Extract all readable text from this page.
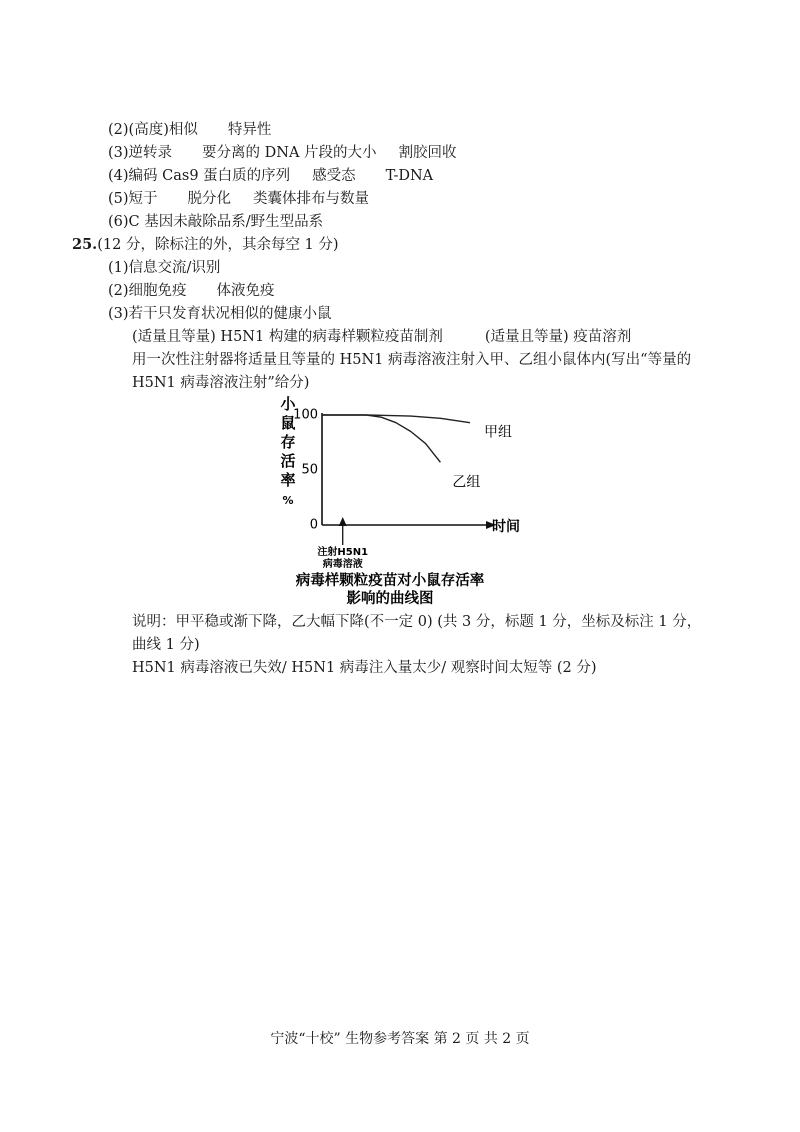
(2)(高度)相似 特异性
(3)逆转录 要分离的 DNA 片段的大小 割胶回收
(4)编码 Cas9 蛋白质的序列 感受态 T-DNA
(5)短于 脱分化 类囊体排布与数量
(6)C 基因未敲除品系/野生型品系
25.(12 分，除标注的外，其余每空 1 分)
(1)信息交流/识别
(2)细胞免疫 体液免疫
(3)若干只发育状况相似的健康小鼠
(适量且等量) H5N1 构建的病毒样颗粒疫苗制剂	(适量且等量) 疫苗溶剂
用一次性注射器将适量且等量的 H5N1 病毒溶液注射入甲、乙组小鼠体内(写出“等量的
H5N1 病毒溶液注射”给分)
小
鼠
存
活
率
%
时间
100
50
0
甲组
乙组
注射H5N1
病毒溶液
病毒样颗粒疫苗对小鼠存活率
影响的曲线图
说明：甲平稳或渐下降，乙大幅下降(不一定 0) (共 3 分，标题 1 分，坐标及标注 1 分，
曲线 1 分)
H5N1 病毒溶液已失效/ H5N1 病毒注入量太少/ 观察时间太短等 (2 分)
宁波“十校” 生物参考答案 第 2 页 共 2 页
